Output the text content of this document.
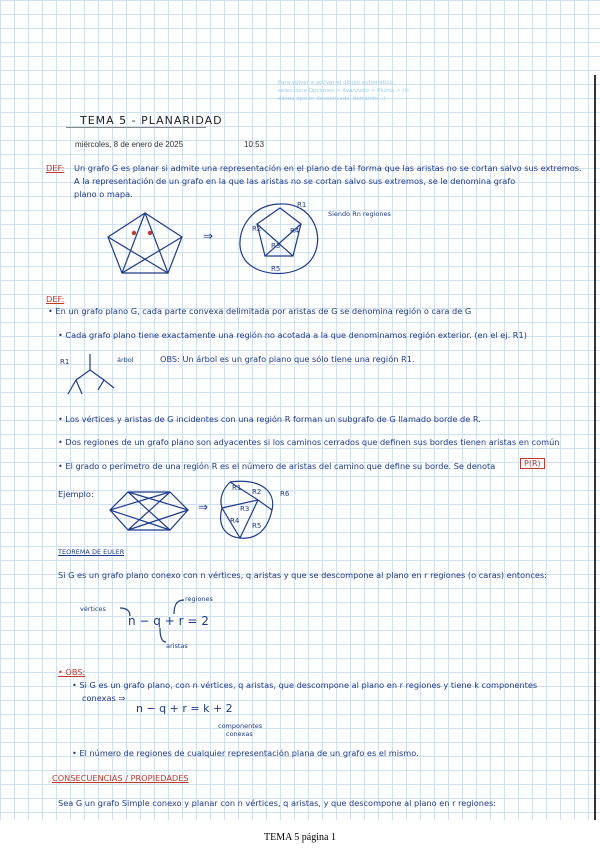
Para volver a activar el dibujo automático, seleccione Opciones > Avanzado > Pluma > (si desea opción desactivada, borrando...)
TEMA 5 - PLANARIDAD
miércoles, 8 de enero de 2025	10:53
DEF: Un grafo G es planar si admite una representación en el plano de tal forma que las aristas no se cortan salvo sus extremos.
A la representación de un grafo en la que las aristas no se cortan salvo sus extremos, se le denomina grafo
plano o mapa.
⇒
R1
R2	R4
R3
R5
Siendo Rn regiones
DEF:
• En un grafo plano G, cada parte convexa delimitada por aristas de G se denomina región o cara de G
• Cada grafo plano tiene exactamente una región no acotada a la que denominamos región exterior. (en el ej. R1)
R1	árbol	OBS: Un árbol es un grafo plano que sólo tiene una región R1.
• Los vértices y aristas de G incidentes con una región R forman un subgrafo de G llamado borde de R.
• Dos regiones de un grafo plano son adyacentes si los caminos cerrados que definen sus bordes tienen aristas en común
• El grado o perímetro de una región R es el número de aristas del camino que define su borde. Se denota	P(R)
Ejemplo:
⇒
R1 R2
R3
R4
R5
R6
TEOREMA DE EULER
Si G es un grafo plano conexo con n vértices, q aristas y que se descompone al plano en r regiones (o caras) entonces:
vértices
regiones
n − q + r = 2
aristas
• OBS:
• Si G es un grafo plano, con n vértices, q aristas, que descompone al plano en r regiones y tiene k componentes
conexas ⇒
n − q + r = k + 2
componentes
conexas
• El número de regiones de cualquier representación plana de un grafo es el mismo.
CONSECUENCIAS / PROPIEDADES
Sea G un grafo Simple conexo y planar con n vértices, q aristas, y que descompone al plano en r regiones:
TEMA 5 página 1
